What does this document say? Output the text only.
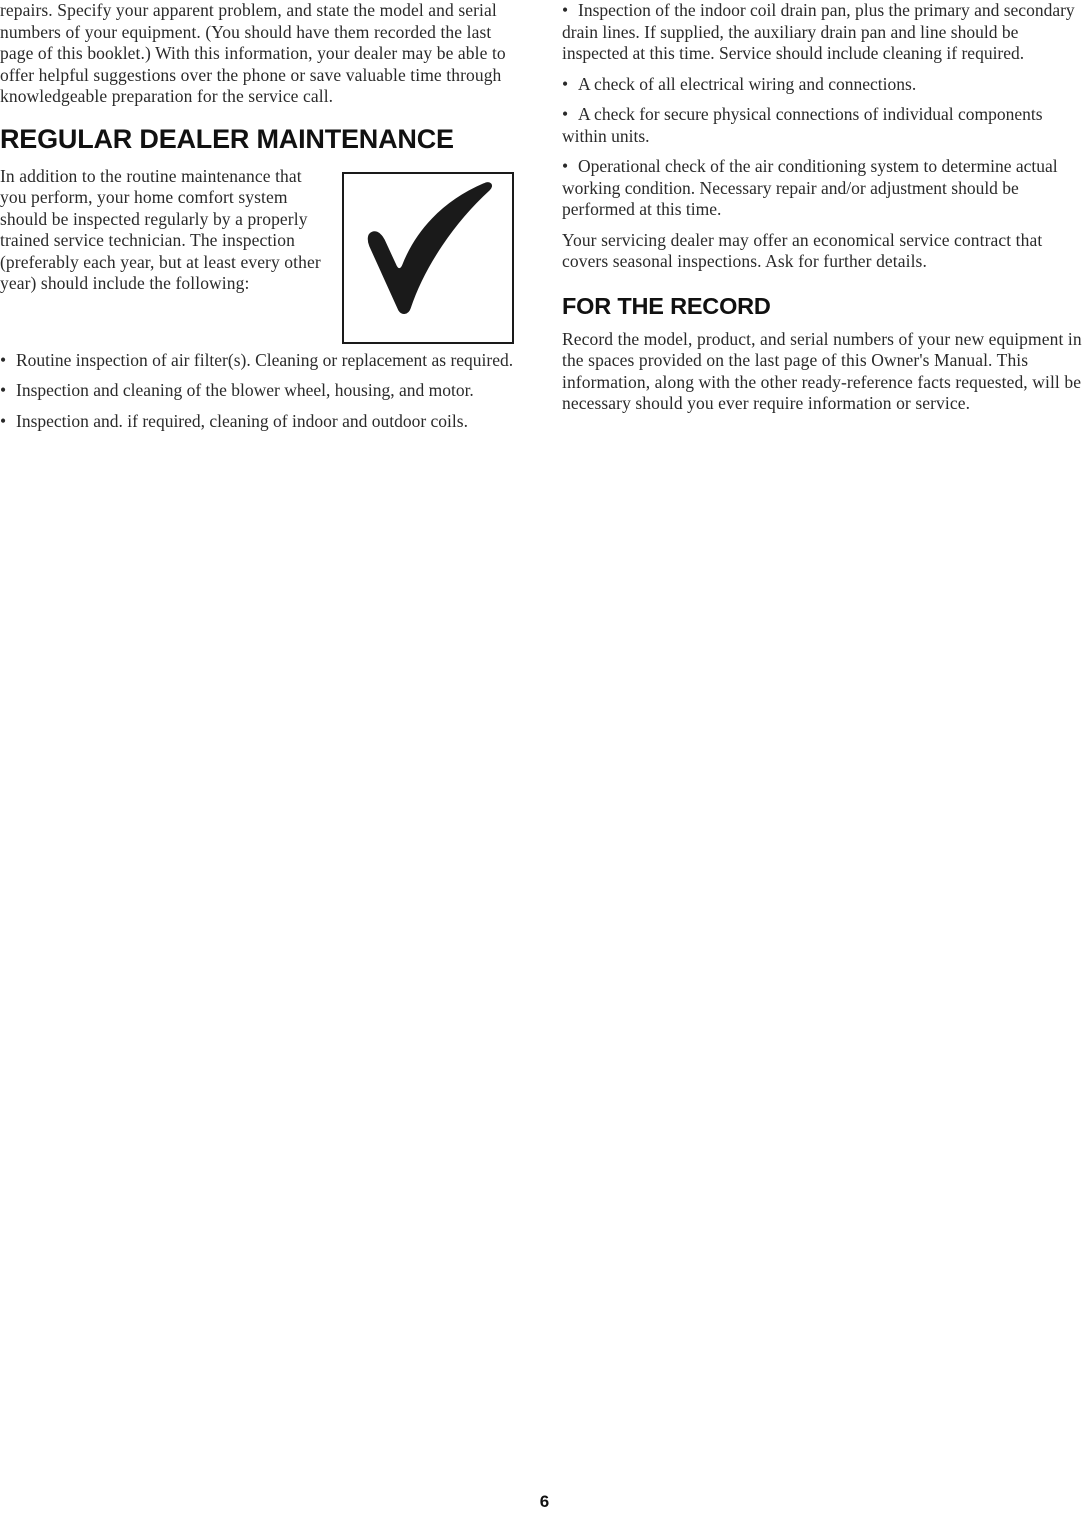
repairs. Specify your apparent problem, and state the model and serial numbers of your equipment. (You should have them recorded the last page of this booklet.) With this information, your dealer may be able to offer helpful suggestions over the phone or save valuable time through knowledgeable preparation for the service call.

REGULAR DEALER MAINTENANCE

In addition to the routine maintenance that you perform, your home comfort system should be inspected regularly by a properly trained service technician. The inspection (preferably each year, but at least every other year) should include the following:

• Routine inspection of air filter(s). Cleaning or replacement as required.
• Inspection and cleaning of the blower wheel, housing, and motor.
• Inspection and. if required, cleaning of indoor and outdoor coils.
• Inspection of the indoor coil drain pan, plus the primary and secondary drain lines. If supplied, the auxiliary drain pan and line should be inspected at this time. Service should include cleaning if required.
• A check of all electrical wiring and connections.
• A check for secure physical connections of individual components within units.
• Operational check of the air conditioning system to determine actual working condition. Necessary repair and/or adjustment should be performed at this time.

Your servicing dealer may offer an economical service contract that covers seasonal inspections. Ask for further details.

FOR THE RECORD

Record the model, product, and serial numbers of your new equipment in the spaces provided on the last page of this Owner's Manual. This information, along with the other ready-reference facts requested, will be necessary should you ever require information or service.

6
